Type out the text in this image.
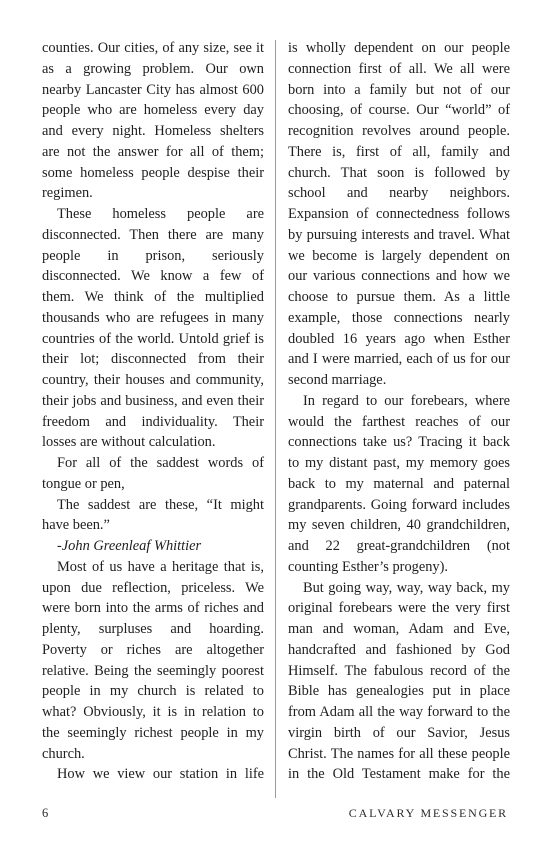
counties. Our cities, of any size, see it as a growing problem. Our own nearby Lancaster City has almost 600 people who are homeless every day and every night. Homeless shelters are not the answer for all of them; some homeless people despise their regimen.

These homeless people are disconnected. Then there are many people in prison, seriously disconnected. We know a few of them. We think of the multiplied thousands who are refugees in many countries of the world. Untold grief is their lot; disconnected from their country, their houses and community, their jobs and business, and even their freedom and individuality. Their losses are without calculation.

For all of the saddest words of tongue or pen,

The saddest are these, “It might have been.”

-John Greenleaf Whittier

Most of us have a heritage that is, upon due reflection, priceless. We were born into the arms of riches and plenty, surpluses and hoarding. Poverty or riches are altogether relative. Being the seemingly poorest people in my church is related to what? Obviously, it is in relation to the seemingly richest people in my church.

How we view our station in life

is wholly dependent on our people connection first of all. We all were born into a family but not of our choosing, of course. Our “world” of recognition revolves around people. There is, first of all, family and church. That soon is followed by school and nearby neighbors. Expansion of connectedness follows by pursuing interests and travel. What we become is largely dependent on our various connections and how we choose to pursue them. As a little example, those connections nearly doubled 16 years ago when Esther and I were married, each of us for our second marriage.

In regard to our forebears, where would the farthest reaches of our connections take us? Tracing it back to my distant past, my memory goes back to my maternal and paternal grandparents. Going forward includes my seven children, 40 grandchildren, and 22 great-grandchildren (not counting Esther’s progeny).

But going way, way, way back, my original forebears were the very first man and woman, Adam and Eve, handcrafted and fashioned by God Himself. The fabulous record of the Bible has genealogies put in place from Adam all the way forward to the virgin birth of our Savior, Jesus Christ. The names for all these people in the Old Testament make for the

6	CALVARY MESSENGER
